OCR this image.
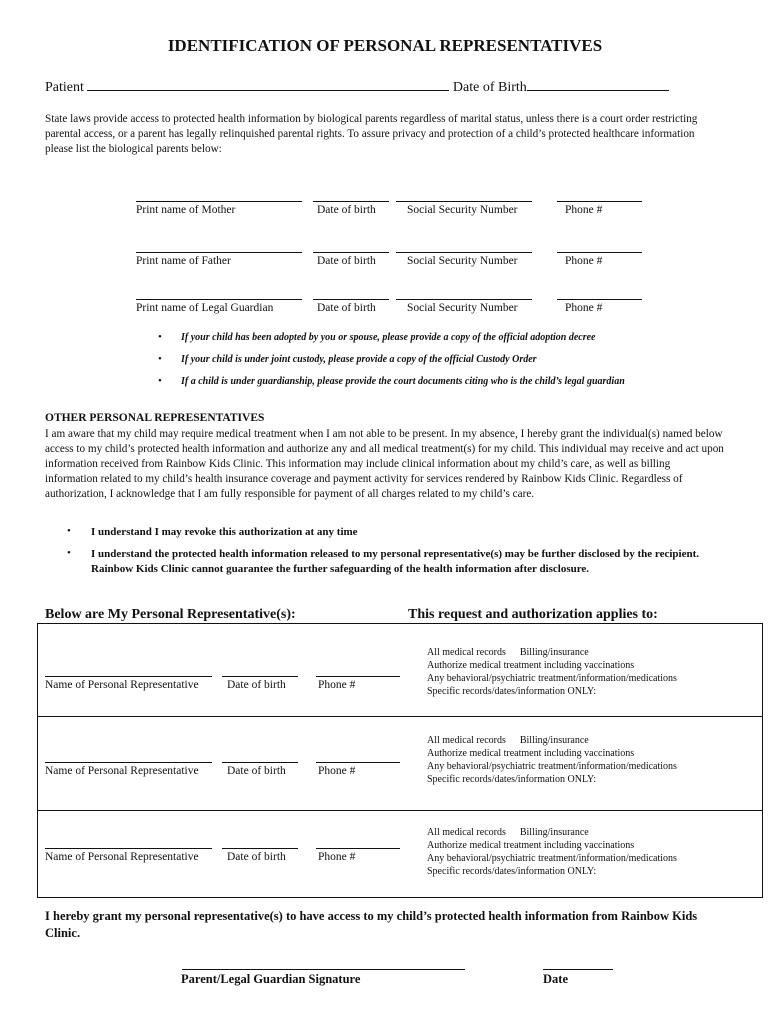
IDENTIFICATION OF PERSONAL REPRESENTATIVES
Patient	Date of Birth
State laws provide access to protected health information by biological parents regardless of marital status, unless there is a court order restricting parental access, or a parent has legally relinquished parental rights. To assure privacy and protection of a child’s protected healthcare information please list the biological parents below:
Print name of Mother	Date of birth	Social Security Number	Phone #
Print name of Father	Date of birth	Social Security Number	Phone #
Print name of Legal Guardian	Date of birth	Social Security Number	Phone #
• If your child has been adopted by you or spouse, please provide a copy of the official adoption decree
• If your child is under joint custody, please provide a copy of the official Custody Order
• If a child is under guardianship, please provide the court documents citing who is the child’s legal guardian
OTHER PERSONAL REPRESENTATIVES
I am aware that my child may require medical treatment when I am not able to be present. In my absence, I hereby grant the individual(s) named below access to my child’s protected health information and authorize any and all medical treatment(s) for my child. This individual may receive and act upon information received from Rainbow Kids Clinic. This information may include clinical information about my child’s care, as well as billing information related to my child’s health insurance coverage and payment activity for services rendered by Rainbow Kids Clinic. Regardless of authorization, I acknowledge that I am fully responsible for payment of all charges related to my child’s care.
• I understand I may revoke this authorization at any time
• I understand the protected health information released to my personal representative(s) may be further disclosed by the recipient. Rainbow Kids Clinic cannot guarantee the further safeguarding of the health information after disclosure.
Below are My Personal Representative(s):	This request and authorization applies to:
Name of Personal Representative Date of birth	Phone #
All medical records Billing/insurance
Authorize medical treatment including vaccinations
Any behavioral/psychiatric treatment/information/medications
Specific records/dates/information ONLY:
Name of Personal Representative Date of birth	Phone #
All medical records Billing/insurance
Authorize medical treatment including vaccinations
Any behavioral/psychiatric treatment/information/medications
Specific records/dates/information ONLY:
Name of Personal Representative Date of birth	Phone #
All medical records Billing/insurance
Authorize medical treatment including vaccinations
Any behavioral/psychiatric treatment/information/medications
Specific records/dates/information ONLY:
I hereby grant my personal representative(s) to have access to my child’s protected health information from Rainbow Kids Clinic.
Parent/Legal Guardian Signature	Date
